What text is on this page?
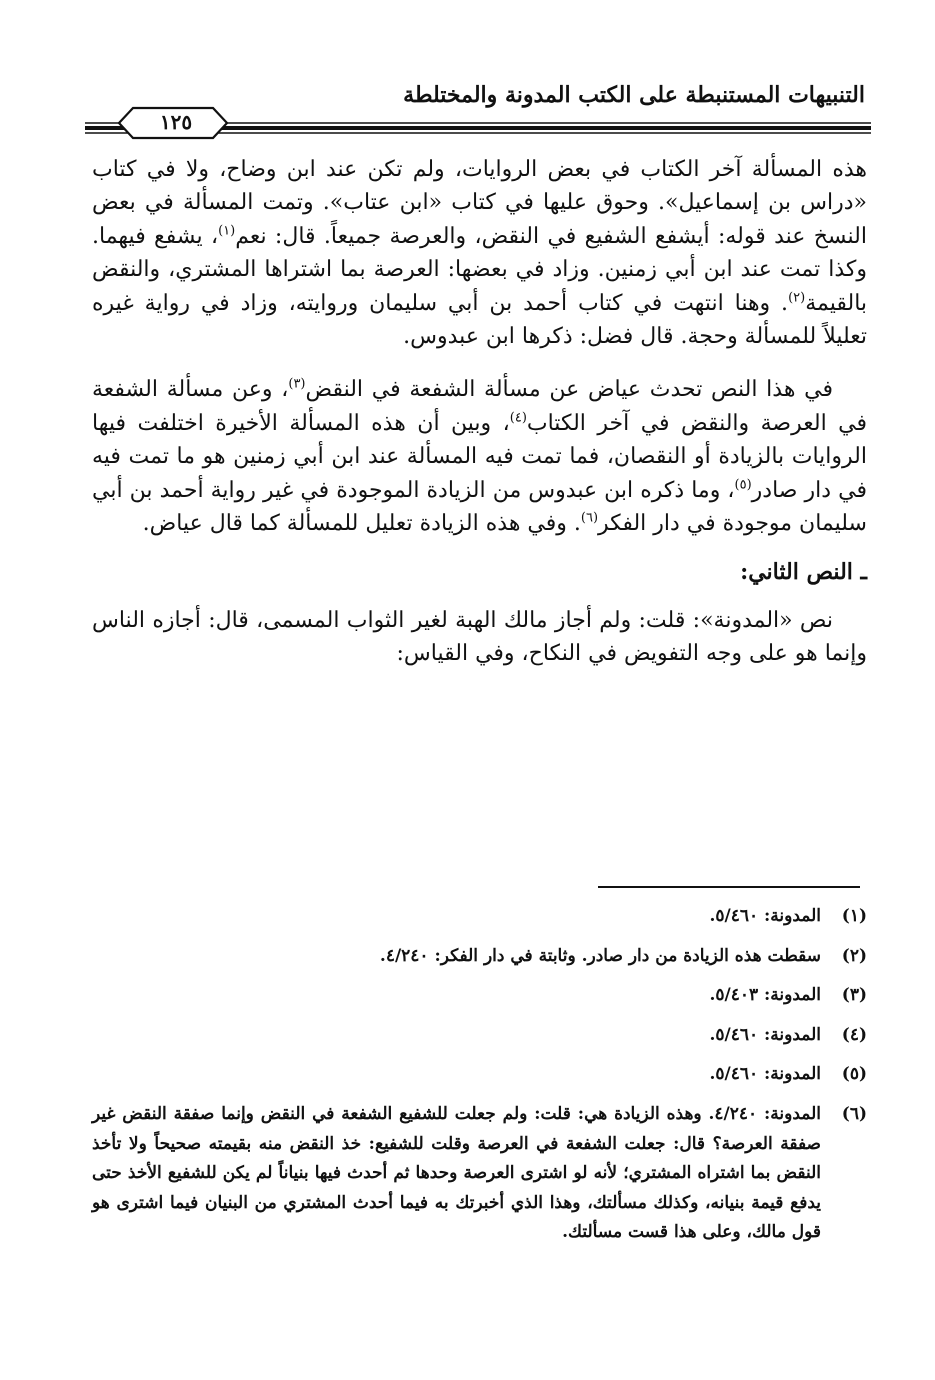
التنبيهات المستنبطة على الكتب المدونة والمختلطة
١٢٥

هذه المسألة آخر الكتاب في بعض الروايات، ولم تكن عند ابن وضاح، ولا في كتاب «دراس بن إسماعيل». وحوق عليها في كتاب «ابن عتاب». وتمت المسألة في بعض النسخ عند قوله: أيشفع الشفيع في النقض، والعرصة جميعاً. قال: نعم$^{(١)}$، يشفع فيهما. وكذا تمت عند ابن أبي زمنين. وزاد في بعضها: العرصة بما اشتراها المشتري، والنقض بالقيمة$^{(٢)}$. وهنا انتهت في كتاب أحمد بن أبي سليمان وروايته، وزاد في رواية غيره تعليلاً للمسألة وحجة. قال فضل: ذكرها ابن عبدوس.

في هذا النص تحدث عياض عن مسألة الشفعة في النقض$^{(٣)}$، وعن مسألة الشفعة في العرصة والنقض في آخر الكتاب$^{(٤)}$، وبين أن هذه المسألة الأخيرة اختلفت فيها الروايات بالزيادة أو النقصان، فما تمت فيه المسألة عند ابن أبي زمنين هو ما تمت فيه في دار صادر$^{(٥)}$، وما ذكره ابن عبدوس من الزيادة الموجودة في غير رواية أحمد بن أبي سليمان موجودة في دار الفكر$^{(٦)}$. وفي هذه الزيادة تعليل للمسألة كما قال عياض.

ـ النص الثاني:

نص «المدونة»: قلت: ولم أجاز مالك الهبة لغير الثواب المسمى، قال: أجازه الناس وإنما هو على وجه التفويض في النكاح، وفي القياس:

(١)
المدونة: ٥/٤٦٠.
(٢)
سقطت هذه الزيادة من دار صادر. وثابتة في دار الفكر: ٤/٢٤٠.
(٣)
المدونة: ٥/٤٠٣.
(٤)
المدونة: ٥/٤٦٠.
(٥)
المدونة: ٥/٤٦٠.
(٦)
المدونة: ٤/٢٤٠. وهذه الزيادة هي: قلت: ولم جعلت للشفيع الشفعة في النقض وإنما صفقة النقض غير صفقة العرصة؟ قال: جعلت الشفعة في العرصة وقلت للشفيع: خذ النقض منه بقيمته صحيحاً ولا تأخذ النقض بما اشتراه المشتري؛ لأنه لو اشترى العرصة وحدها ثم أحدث فيها بنياناً لم يكن للشفيع الأخذ حتى يدفع قيمة بنيانه، وكذلك مسألتك، وهذا الذي أخبرتك به فيما أحدث المشتري من البنيان فيما اشترى هو قول مالك، وعلى هذا قست مسألتك.
